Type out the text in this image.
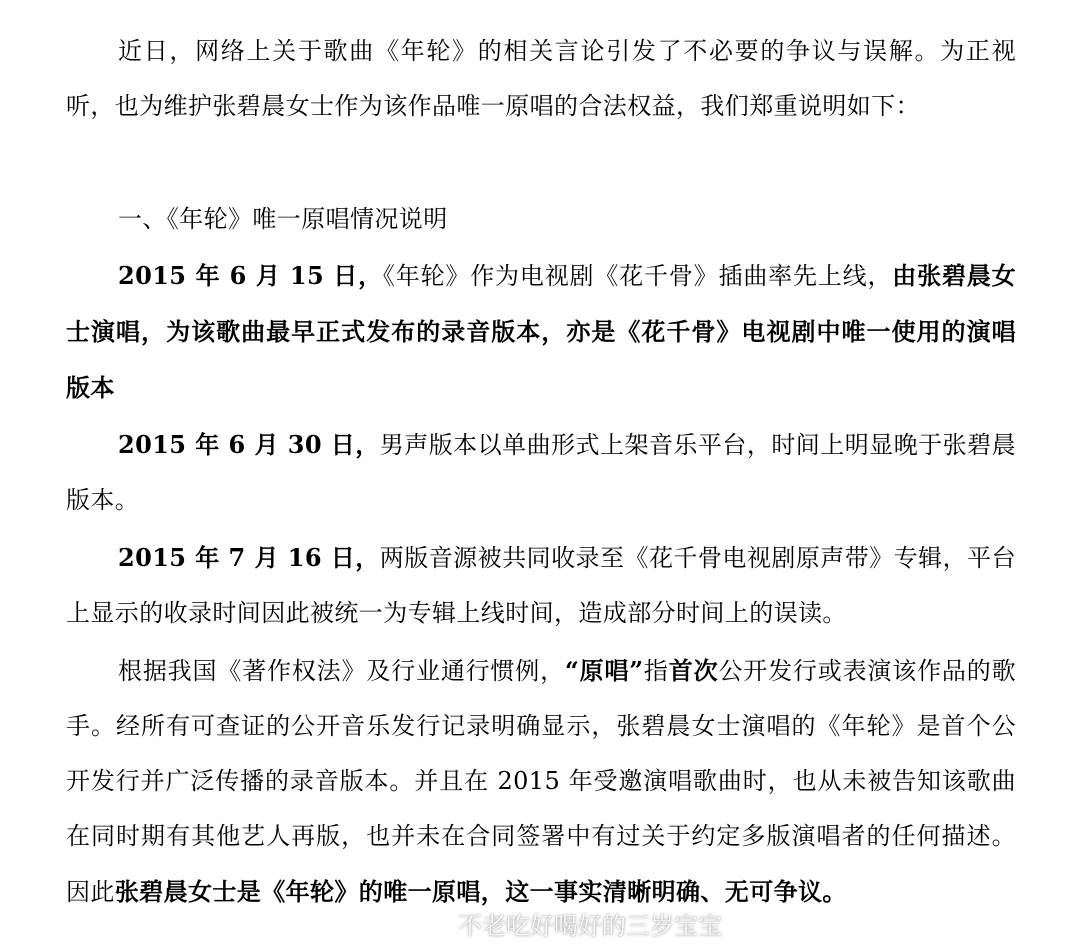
近日，网络上关于歌曲《年轮》的相关言论引发了不必要的争议与误解。为正视听，也为维护张碧晨女士作为该作品唯一原唱的合法权益，我们郑重说明如下：

一、《年轮》唯一原唱情况说明

2015 年 6 月 15 日，《年轮》作为电视剧《花千骨》插曲率先上线，由张碧晨女士演唱，为该歌曲最早正式发布的录音版本，亦是《花千骨》电视剧中唯一使用的演唱版本

2015 年 6 月 30 日，男声版本以单曲形式上架音乐平台，时间上明显晚于张碧晨版本。

2015 年 7 月 16 日，两版音源被共同收录至《花千骨电视剧原声带》专辑，平台上显示的收录时间因此被统一为专辑上线时间，造成部分时间上的误读。

根据我国《著作权法》及行业通行惯例，“原唱”指首次公开发行或表演该作品的歌手。经所有可查证的公开音乐发行记录明确显示，张碧晨女士演唱的《年轮》是首个公开发行并广泛传播的录音版本。并且在 2015 年受邀演唱歌曲时，也从未被告知该歌曲在同时期有其他艺人再版，也并未在合同签署中有过关于约定多版演唱者的任何描述。因此张碧晨女士是《年轮》的唯一原唱，这一事实清晰明确、无可争议。

不老吃好喝好的三岁宝宝
